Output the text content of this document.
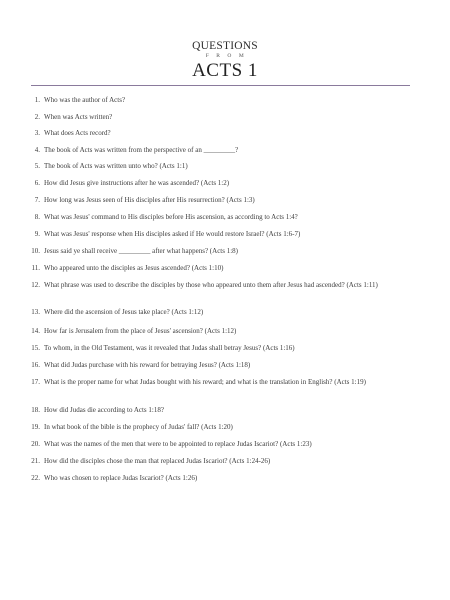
QUESTIONS
FROM
ACTS 1
1. Who was the author of Acts?
2. When was Acts written?
3. What does Acts record?
4. The book of Acts was written from the perspective of an _________?
5. The book of Acts was written unto who? (Acts 1:1)
6. How did Jesus give instructions after he was ascended? (Acts 1:2)
7. How long was Jesus seen of His disciples after His resurrection? (Acts 1:3)
8. What was Jesus' command to His disciples before His ascension, as according to Acts 1:4?
9. What was Jesus' response when His disciples asked if He would restore Israel? (Acts 1:6-7)
10. Jesus said ye shall receive _________ after what happens? (Acts 1:8)
11. Who appeared unto the disciples as Jesus ascended? (Acts 1:10)
12. What phrase was used to describe the disciples by those who appeared unto them after Jesus had ascended? (Acts 1:11)
13. Where did the ascension of Jesus take place? (Acts 1:12)
14. How far is Jerusalem from the place of Jesus' ascension? (Acts 1:12)
15. To whom, in the Old Testament, was it revealed that Judas shall betray Jesus? (Acts 1:16)
16. What did Judas purchase with his reward for betraying Jesus? (Acts 1:18)
17. What is the proper name for what Judas bought with his reward; and what is the translation in English? (Acts 1:19)
18. How did Judas die according to Acts 1:18?
19. In what book of the bible is the prophecy of Judas' fall? (Acts 1:20)
20. What was the names of the men that were to be appointed to replace Judas Iscariot? (Acts 1:23)
21. How did the disciples chose the man that replaced Judas Iscariot? (Acts 1:24-26)
22. Who was chosen to replace Judas Iscariot? (Acts 1:26)
